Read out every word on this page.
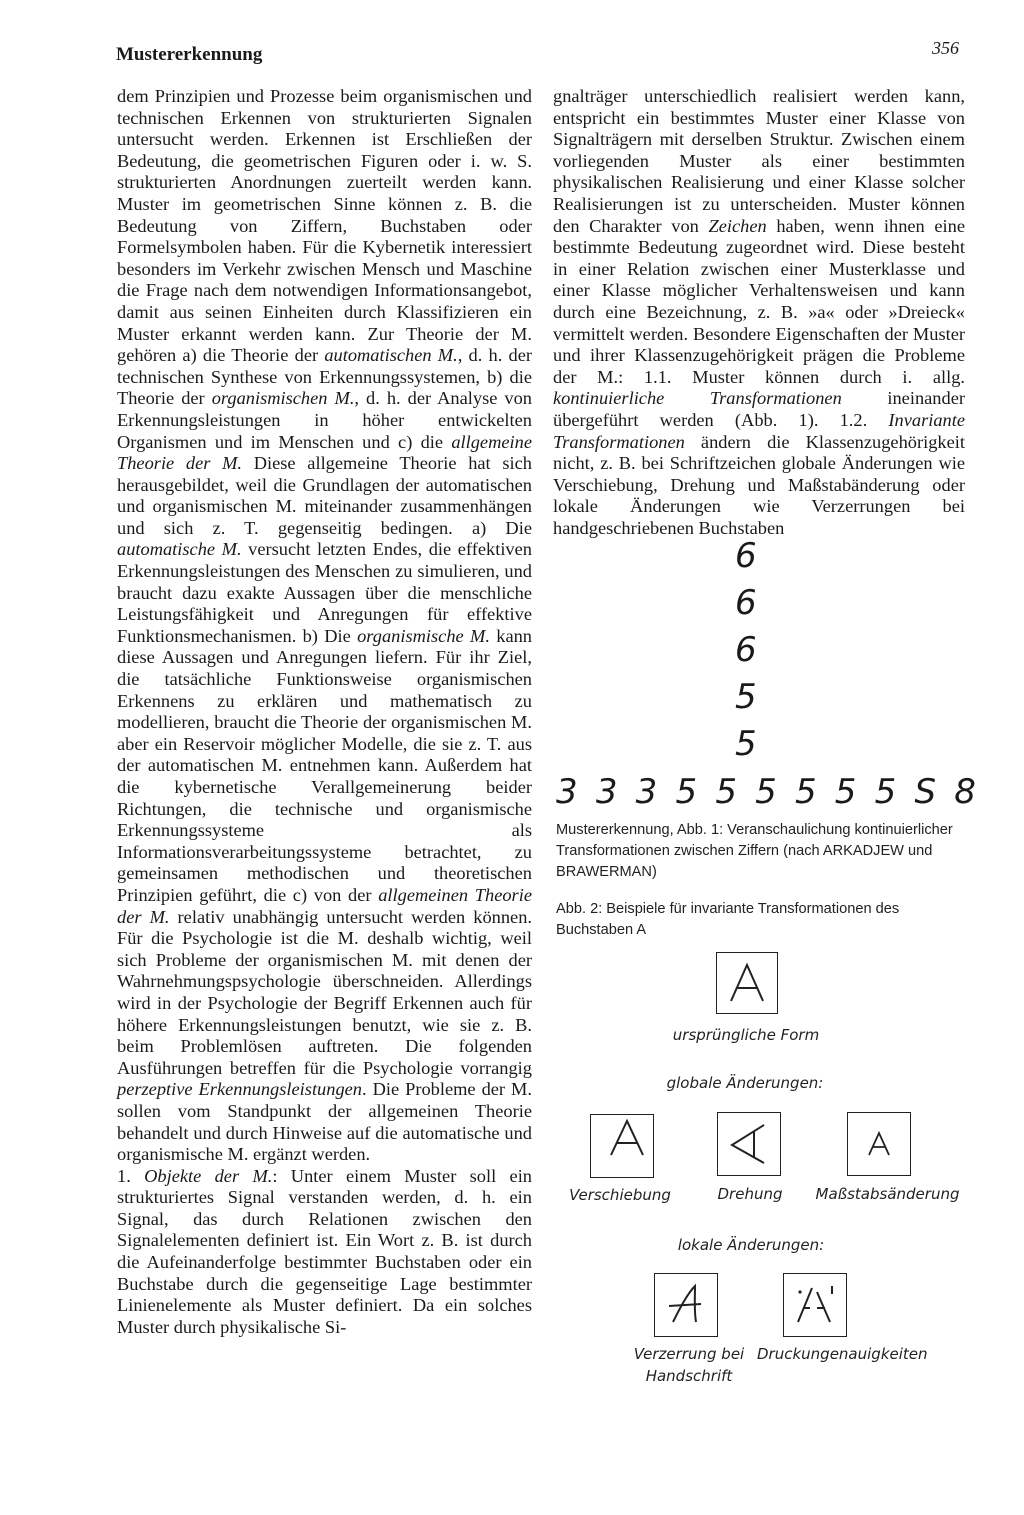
Mustererkennung	356

dem Prinzipien und Prozesse beim organismischen und technischen Erkennen von strukturierten Signalen untersucht werden. Erkennen ist Erschließen der Bedeutung, die geometrischen Figuren oder i. w. S. strukturierten Anordnungen zuerteilt werden kann. Muster im geometrischen Sinne können z. B. die Bedeutung von Ziffern, Buchstaben oder Formelsymbolen haben. Für die Kybernetik interessiert besonders im Verkehr zwischen Mensch und Maschine die Frage nach dem notwendigen Informationsangebot, damit aus seinen Einheiten durch Klassifizieren ein Muster erkannt werden kann. Zur Theorie der M. gehören a) die Theorie der automatischen M., d. h. der technischen Synthese von Erkennungssystemen, b) die Theorie der organismischen M., d. h. der Analyse von Erkennungsleistungen in höher entwickelten Organismen und im Menschen und c) die allgemeine Theorie der M. Diese allgemeine Theorie hat sich herausgebildet, weil die Grundlagen der automatischen und organismischen M. miteinander zusammenhängen und sich z. T. gegenseitig bedingen. a) Die automatische M. versucht letzten Endes, die effektiven Erkennungsleistungen des Menschen zu simulieren, und braucht dazu exakte Aussagen über die menschliche Leistungsfähigkeit und Anregungen für effektive Funktionsmechanismen. b) Die organismische M. kann diese Aussagen und Anregungen liefern. Für ihr Ziel, die tatsächliche Funktionsweise organismischen Erkennens zu erklären und mathematisch zu modellieren, braucht die Theorie der organismischen M. aber ein Reservoir möglicher Modelle, die sie z. T. aus der automatischen M. entnehmen kann. Außerdem hat die kybernetische Verallgemeinerung beider Richtungen, die technische und organismische Erkennungssysteme als Informationsverarbeitungssysteme betrachtet, zu gemeinsamen methodischen und theoretischen Prinzipien geführt, die c) von der allgemeinen Theorie der M. relativ unabhängig untersucht werden können. Für die Psychologie ist die M. deshalb wichtig, weil sich Probleme der organismischen M. mit denen der Wahrnehmungspsychologie überschneiden. Allerdings wird in der Psychologie der Begriff Erkennen auch für höhere Erkennungsleistungen benutzt, wie sie z. B. beim Problemlösen auftreten. Die folgenden Ausführungen betreffen für die Psychologie vorrangig perzeptive Erkennungsleistungen. Die Probleme der M. sollen vom Standpunkt der allgemeinen Theorie behandelt und durch Hinweise auf die automatische und organismische M. ergänzt werden.

1. Objekte der M.: Unter einem Muster soll ein strukturiertes Signal verstanden werden, d. h. ein Signal, das durch Relationen zwischen den Signalelementen definiert ist. Ein Wort z. B. ist durch die Aufeinanderfolge bestimmter Buchstaben oder ein Buchstabe durch die gegenseitige Lage bestimmter Linienelemente als Muster definiert. Da ein solches Muster durch physikalische Si-

gnalträger unterschiedlich realisiert werden kann, entspricht ein bestimmtes Muster einer Klasse von Signalträgern mit derselben Struktur. Zwischen einem vorliegenden Muster als einer bestimmten physikalischen Realisierung und einer Klasse solcher Realisierungen ist zu unterscheiden. Muster können den Charakter von Zeichen haben, wenn ihnen eine bestimmte Bedeutung zugeordnet wird. Diese besteht in einer Relation zwischen einer Musterklasse und einer Klasse möglicher Verhaltensweisen und kann durch eine Bezeichnung, z. B. »a« oder »Dreieck« vermittelt werden. Besondere Eigenschaften der Muster und ihrer Klassenzugehörigkeit prägen die Probleme der M.: 1.1. Muster können durch i. allg. kontinuierliche Transformationen ineinander übergeführt werden (Abb. 1). 1.2. Invariante Transformationen ändern die Klassenzugehörigkeit nicht, z. B. bei Schriftzeichen globale Änderungen wie Verschiebung, Drehung und Maßstabänderung oder lokale Änderungen wie Verzerrungen bei handgeschriebenen Buchstaben

6
6
6
5
5
3 3 3 5 5 5 5 5 5 S 8
Mustererkennung, Abb. 1: Veranschaulichung kontinuierlicher Transformationen zwischen Ziffern (nach ARKADJEW und BRAWERMAN)
Abb. 2: Beispiele für invariante Transformationen des Buchstaben A
ursprüngliche Form
globale Änderungen:
Verschiebung	Drehung	Maßstabsänderung
lokale Änderungen:
Verzerrung bei Handschrift
Druckungenauigkeiten
